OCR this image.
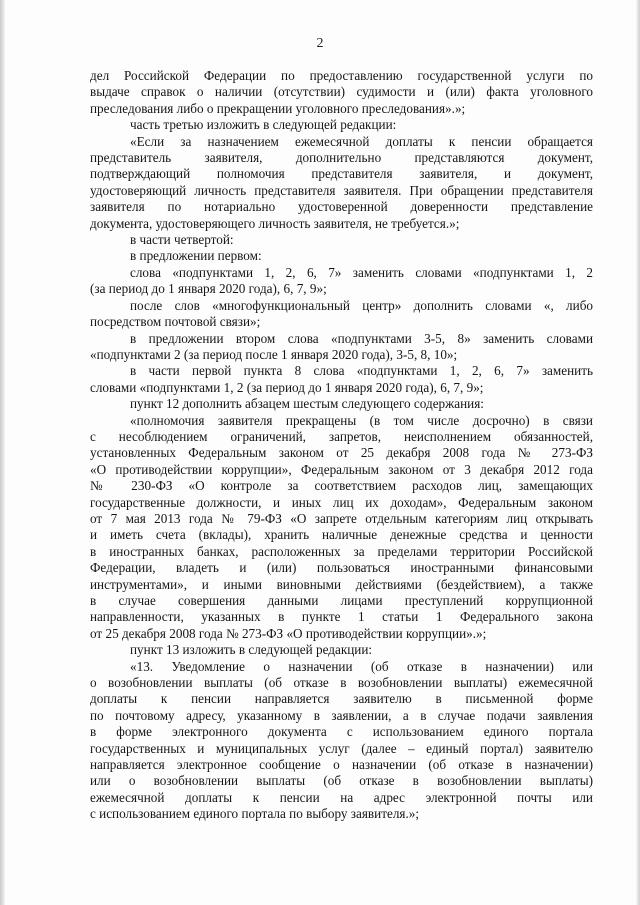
2

дел Российской Федерации по предоставлению государственной услуги по

выдаче справок о наличии (отсутствии) судимости и (или) факта уголовного

преследования либо о прекращении уголовного преследования».»;

часть третью изложить в следующей редакции:

«Если за назначением ежемесячной доплаты к пенсии обращается

представитель заявителя, дополнительно представляются документ,

подтверждающий полномочия представителя заявителя, и документ,

удостоверяющий личность представителя заявителя. При обращении представителя

заявителя по нотариально удостоверенной доверенности представление

документа, удостоверяющего личность заявителя, не требуется.»;

в части четвертой:

в предложении первом:

слова «подпунктами 1, 2, 6, 7» заменить словами «подпунктами 1, 2

(за период до 1 января 2020 года), 6, 7, 9»;

после слов «многофункциональный центр» дополнить словами «, либо

посредством почтовой связи»;

в предложении втором слова «подпунктами 3-5, 8» заменить словами

«подпунктами 2 (за период после 1 января 2020 года), 3-5, 8, 10»;

в части первой пункта 8 слова «подпунктами 1, 2, 6, 7» заменить

словами «подпунктами 1, 2 (за период до 1 января 2020 года), 6, 7, 9»;

пункт 12 дополнить абзацем шестым следующего содержания:

«полномочия заявителя прекращены (в том числе досрочно) в связи

с несоблюдением ограничений, запретов, неисполнением обязанностей,

установленных Федеральным законом от 25 декабря 2008 года № 273-ФЗ

«О противодействии коррупции», Федеральным законом от 3 декабря 2012 года

№ 230-ФЗ «О контроле за соответствием расходов лиц, замещающих

государственные должности, и иных лиц их доходам», Федеральным законом

от 7 мая 2013 года № 79-ФЗ «О запрете отдельным категориям лиц открывать

и иметь счета (вклады), хранить наличные денежные средства и ценности

в иностранных банках, расположенных за пределами территории Российской

Федерации, владеть и (или) пользоваться иностранными финансовыми

инструментами», и иными виновными действиями (бездействием), а также

в случае совершения данными лицами преступлений коррупционной

направленности, указанных в пункте 1 статьи 1 Федерального закона

от 25 декабря 2008 года № 273-ФЗ «О противодействии коррупции».»;

пункт 13 изложить в следующей редакции:

«13. Уведомление о назначении (об отказе в назначении) или

о возобновлении выплаты (об отказе в возобновлении выплаты) ежемесячной

доплаты к пенсии направляется заявителю в письменной форме

по почтовому адресу, указанному в заявлении, а в случае подачи заявления

в форме электронного документа с использованием единого портала

государственных и муниципальных услуг (далее – единый портал) заявителю

направляется электронное сообщение о назначении (об отказе в назначении)

или о возобновлении выплаты (об отказе в возобновлении выплаты)

ежемесячной доплаты к пенсии на адрес электронной почты или

с использованием единого портала по выбору заявителя.»;
